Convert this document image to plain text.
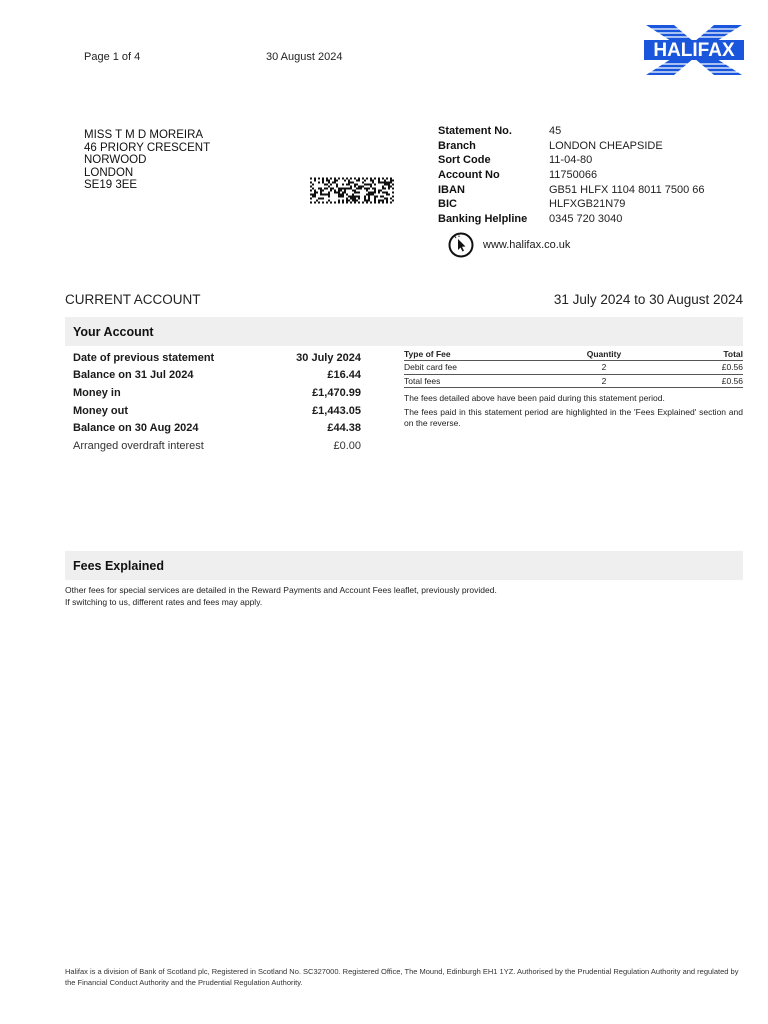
Page 1 of 4	30 August 2024	HALIFAX
MISS T M D MOREIRA
46 PRIORY CRESCENT
NORWOOD
LONDON
SE19 3EE
Statement No.	45
Branch	LONDON CHEAPSIDE
Sort Code	11-04-80
Account No	11750066
IBAN	GB51 HLFX 1104 8011 7500 66
BIC	HLFXGB21N79
Banking Helpline	0345 720 3040
www.halifax.co.uk
CURRENT ACCOUNT	31 July 2024 to 30 August 2024
Your Account
Date of previous statement	30 July 2024
Balance on 31 Jul 2024	£16.44
Money in	£1,470.99
Money out	£1,443.05
Balance on 30 Aug 2024	£44.38
Arranged overdraft interest	£0.00
Type of Fee	Quantity	Total
Debit card fee	2	£0.56
Total fees	2	£0.56
The fees detailed above have been paid during this statement period.
The fees paid in this statement period are highlighted in the 'Fees Explained' section and on the reverse.
Fees Explained
Other fees for special services are detailed in the Reward Payments and Account Fees leaflet, previously provided.
If switching to us, different rates and fees may apply.
Halifax is a division of Bank of Scotland plc, Registered in Scotland No. SC327000. Registered Office, The Mound, Edinburgh EH1 1YZ. Authorised by the Prudential Regulation Authority and regulated by the Financial Conduct Authority and the Prudential Regulation Authority.
